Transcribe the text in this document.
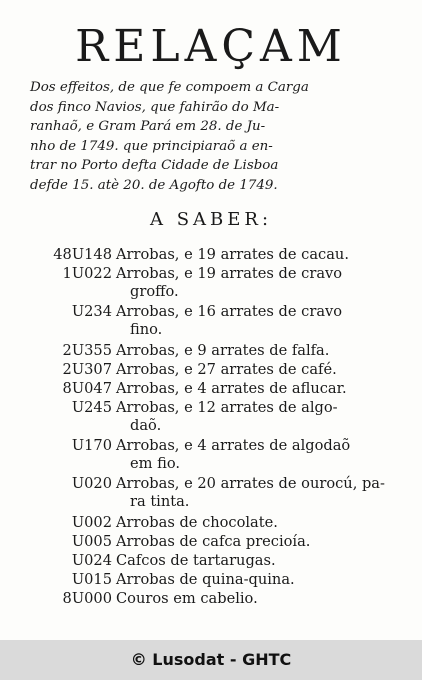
RELAÇAM
Dos effeitos, de que fe compoem a Carga
dos finco Navios, que fahirão do Ma-
ranhaõ, e Gram Pará em 28. de Ju-
nho de 1749. que principiaraõ a en-
trar no Porto defta Cidade de Lisboa
defde 15. atè 20. de Agofto de 1749.
A SABER:
48U148 Arrobas, e 19 arrates de cacau.
1U022 Arrobas, e 19 arrates de cravo
groffo.
U234 Arrobas, e 16 arrates de cravo
fino.
2U355 Arrobas, e 9 arrates de falfa.
2U307 Arrobas, e 27 arrates de café.
8U047 Arrobas, e 4 arrates de aflucar.
U245 Arrobas, e 12 arrates de algo-
daõ.
U170 Arrobas, e 4 arrates de algodaõ
em fio.
U020 Arrobas, e 20 arrates de ourocú, pa-
ra tinta.
U002 Arrobas de chocolate.
U005 Arrobas de cafca precioía.
U024 Cafcos de tartarugas.
U015 Arrobas de quina-quina.
8U000 Couros em cabelio.
© Lusodat - GHTC
